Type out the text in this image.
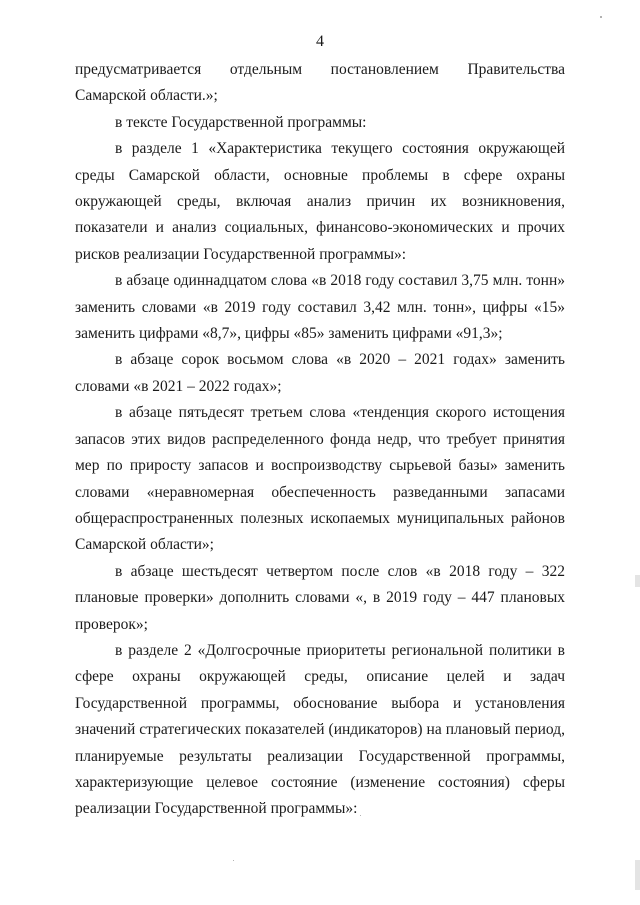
4

предусматривается отдельным постановлением Правительства Самарской области.»;

в тексте Государственной программы:

в разделе 1 «Характеристика текущего состояния окружающей среды Самарской области, основные проблемы в сфере охраны окружающей среды, включая анализ причин их возникновения, показатели и анализ социальных, финансово-экономических и прочих рисков реализации Государственной программы»:

в абзаце одиннадцатом слова «в 2018 году составил 3,75 млн. тонн» заменить словами «в 2019 году составил 3,42 млн. тонн», цифры «15» заменить цифрами «8,7», цифры «85» заменить цифрами «91,3»;

в абзаце сорок восьмом слова «в 2020 – 2021 годах» заменить словами «в 2021 – 2022 годах»;

в абзаце пятьдесят третьем слова «тенденция скорого истощения запасов этих видов распределенного фонда недр, что требует принятия мер по приросту запасов и воспроизводству сырьевой базы» заменить словами «неравномерная обеспеченность разведанными запасами общераспространенных полезных ископаемых муниципальных районов Самарской области»;

в абзаце шестьдесят четвертом после слов «в 2018 году – 322 плановые проверки» дополнить словами «, в 2019 году – 447 плановых проверок»;

в разделе 2 «Долгосрочные приоритеты региональной политики в сфере охраны окружающей среды, описание целей и задач Государственной программы, обоснование выбора и установления значений стратегических показателей (индикаторов) на плановый период, планируемые результаты реализации Государственной программы, характеризующие целевое состояние (изменение состояния) сферы реализации Государственной программы»:
